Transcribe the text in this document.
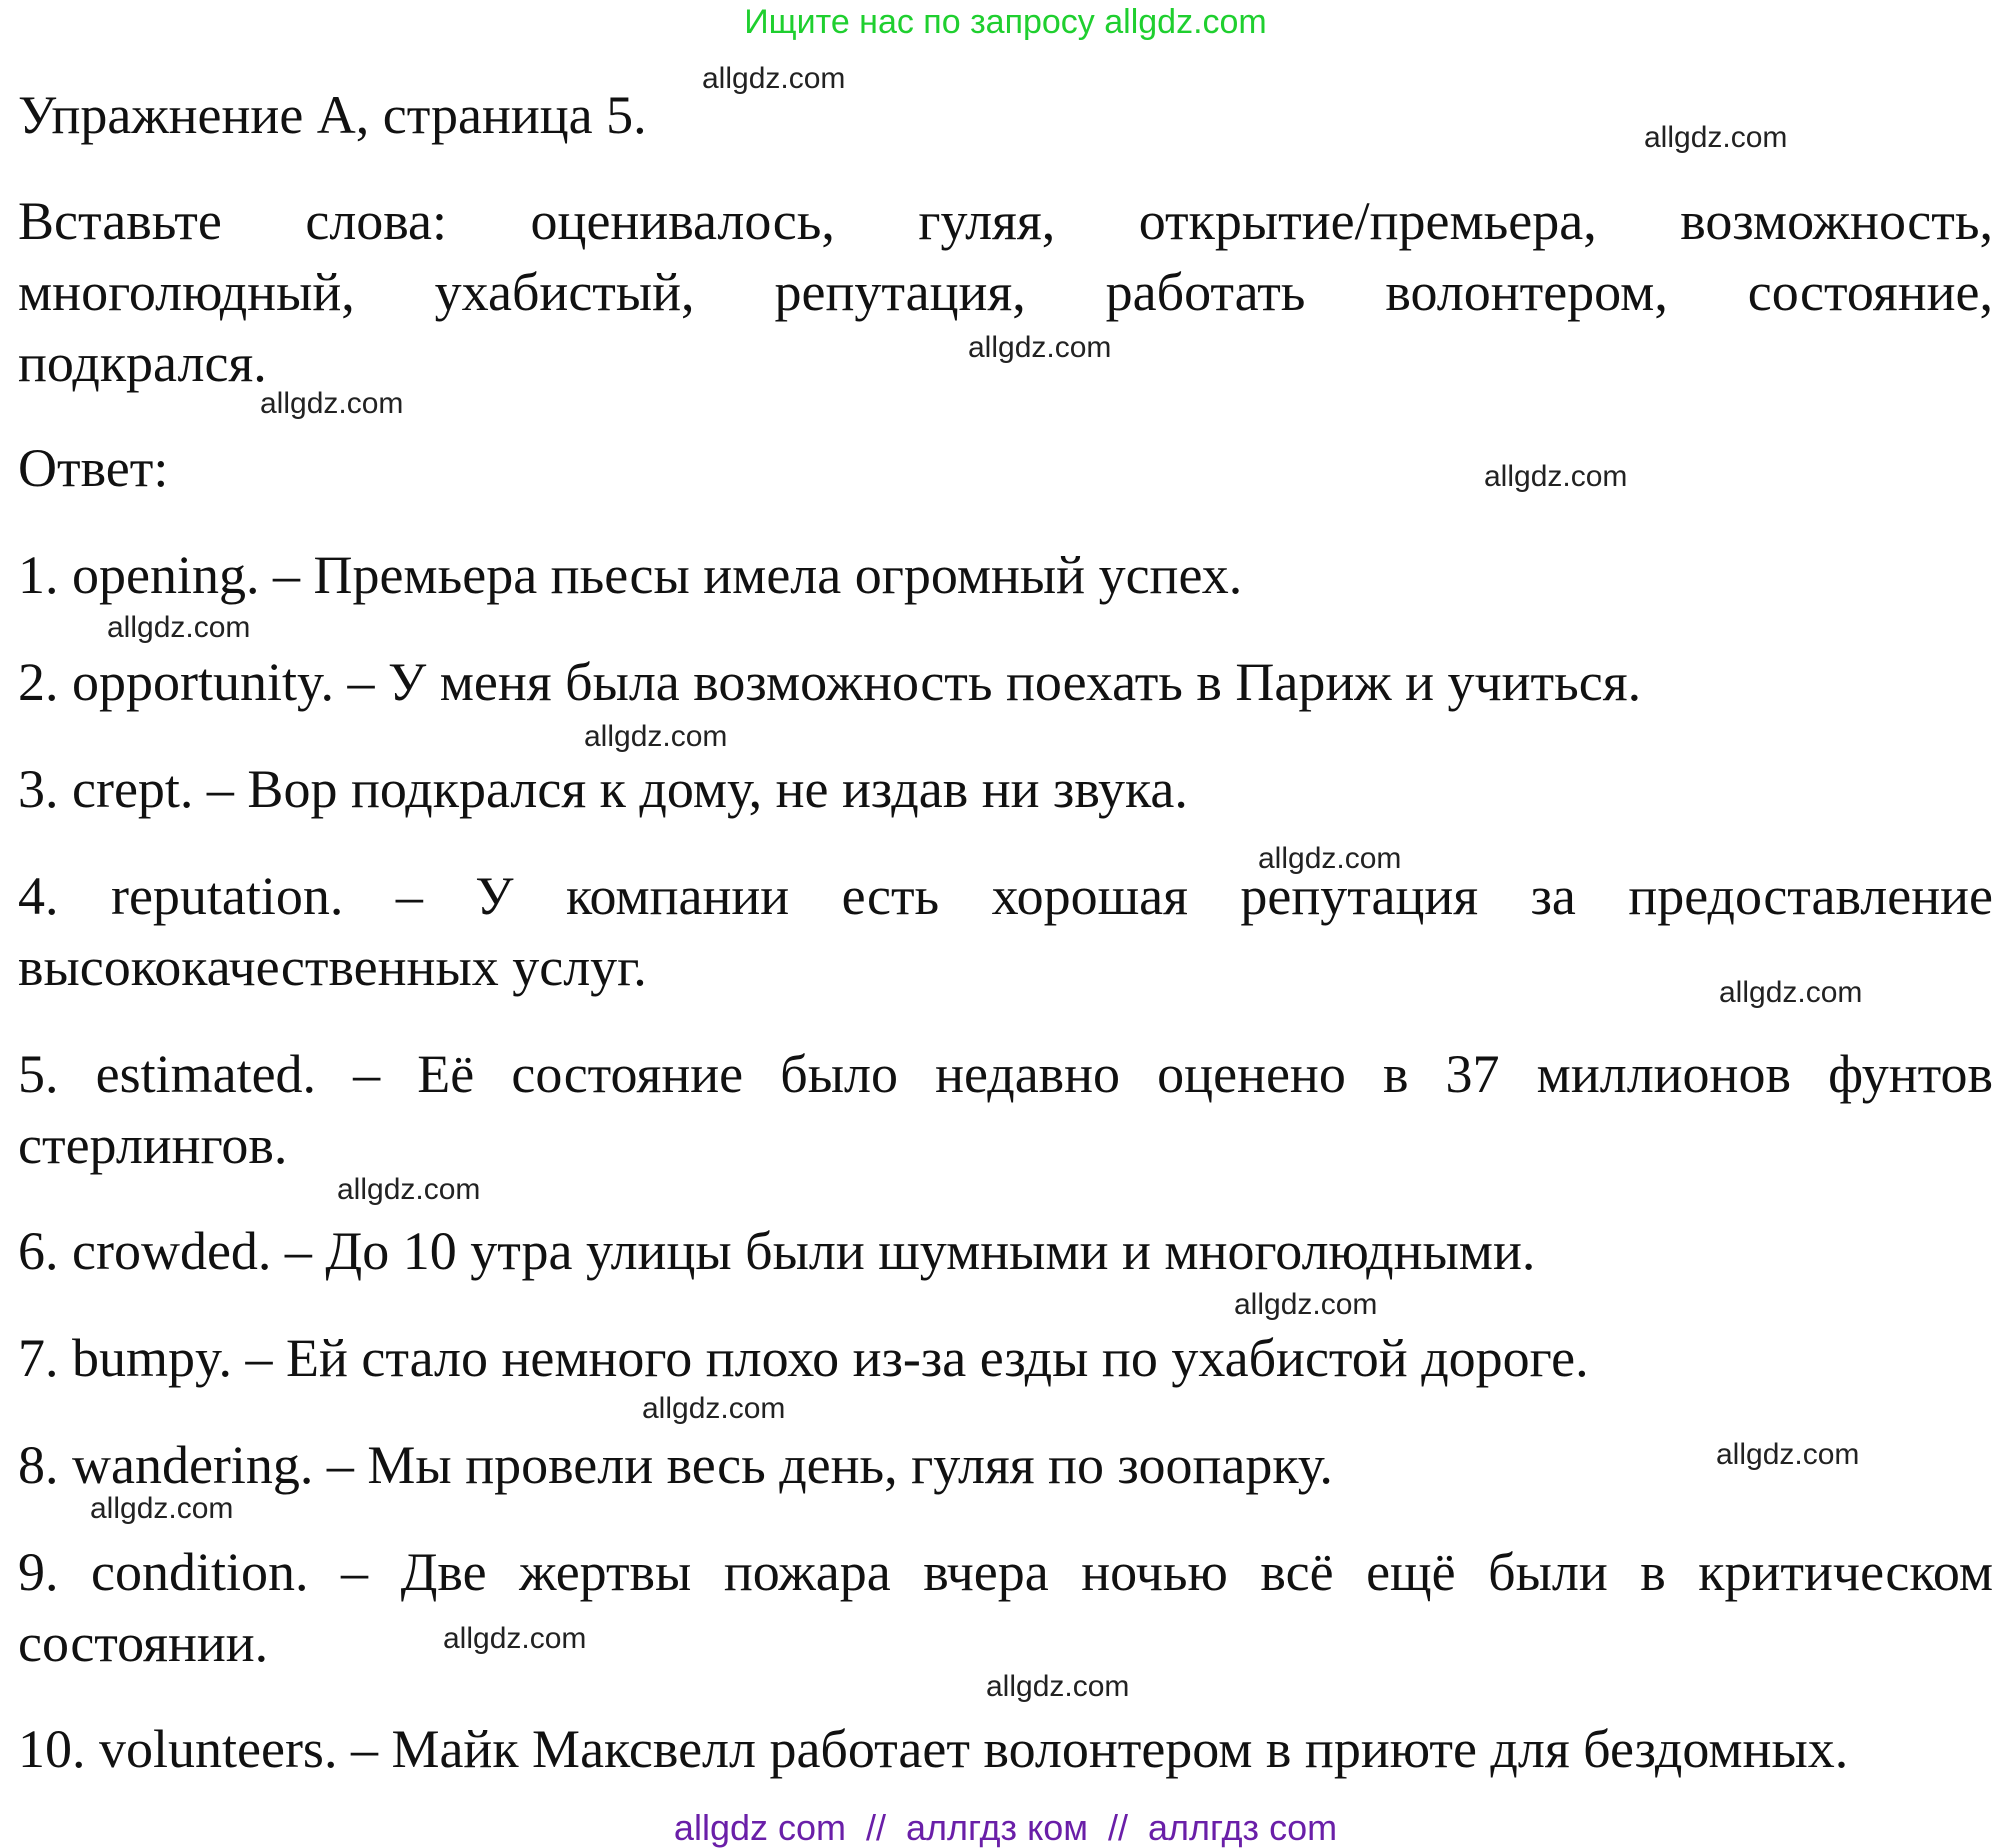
Ищите нас по запросу allgdz.com
Упражнение А, страница 5.
Вставьте слова: оценивалось, гуляя, открытие/премьера, возможность,
многолюдный, ухабистый, репутация, работать волонтером, состояние,
подкрался.
Ответ:
1. opening. – Премьера пьесы имела огромный успех.
2. opportunity. – У меня была возможность поехать в Париж и учиться.
3. crept. – Вор подкрался к дому, не издав ни звука.
4. reputation. – У компании есть хорошая репутация за предоставление
высококачественных услуг.
5. estimated. – Её состояние было недавно оценено в 37 миллионов фунтов
стерлингов.
6. crowded. – До 10 утра улицы были шумными и многолюдными.
7. bumpy. – Ей стало немного плохо из-за езды по ухабистой дороге.
8. wandering. – Мы провели весь день, гуляя по зоопарку.
9. condition. – Две жертвы пожара вчера ночью всё ещё были в критическом
состоянии.
10. volunteers. – Майк Максвелл работает волонтером в приюте для бездомных.
allgdz.com
allgdz.com
allgdz.com
allgdz.com
allgdz.com
allgdz.com
allgdz.com
allgdz.com
allgdz.com
allgdz.com
allgdz.com
allgdz.com
allgdz.com
allgdz.com
allgdz.com
allgdz.com
allgdz com  //  аллгдз ком  //  аллгдз com
